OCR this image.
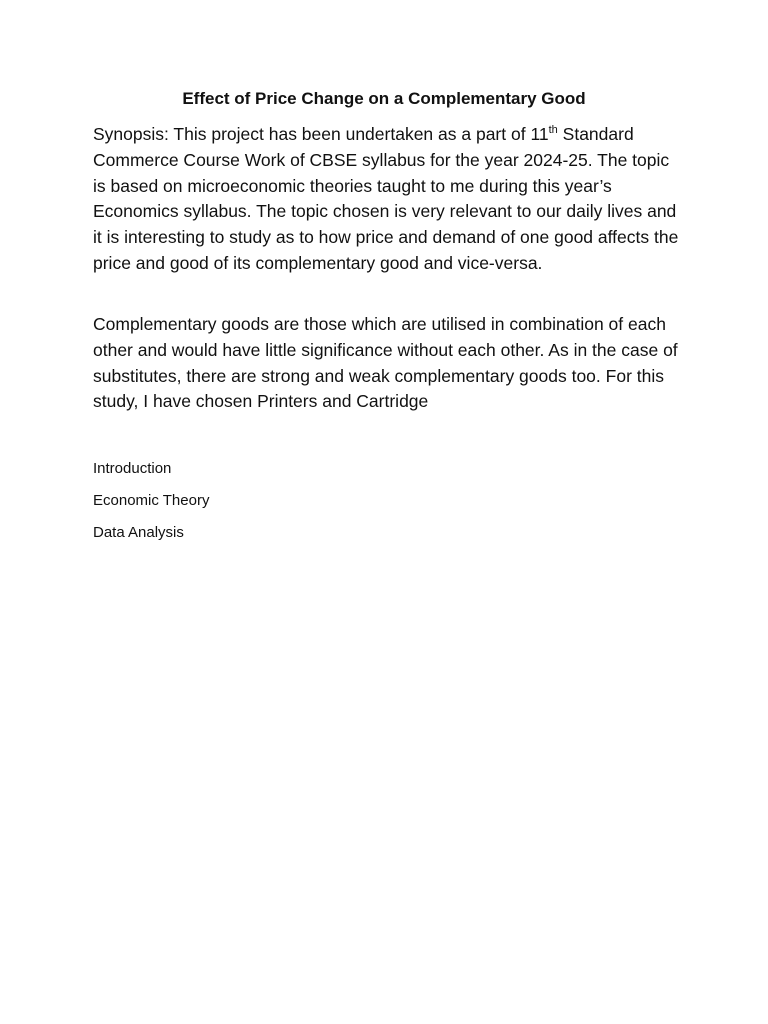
Effect of Price Change on a Complementary Good

Synopsis: This project has been undertaken as a part of 11th Standard Commerce Course Work of CBSE syllabus for the year 2024-25. The topic is based on microeconomic theories taught to me during this year’s Economics syllabus. The topic chosen is very relevant to our daily lives and it is interesting to study as to how price and demand of one good affects the price and good of its complementary good and vice-versa.

Complementary goods are those which are utilised in combination of each other and would have little significance without each other. As in the case of substitutes, there are strong and weak complementary goods too. For this study, I have chosen Printers and Cartridge

Introduction
Economic Theory
Data Analysis
